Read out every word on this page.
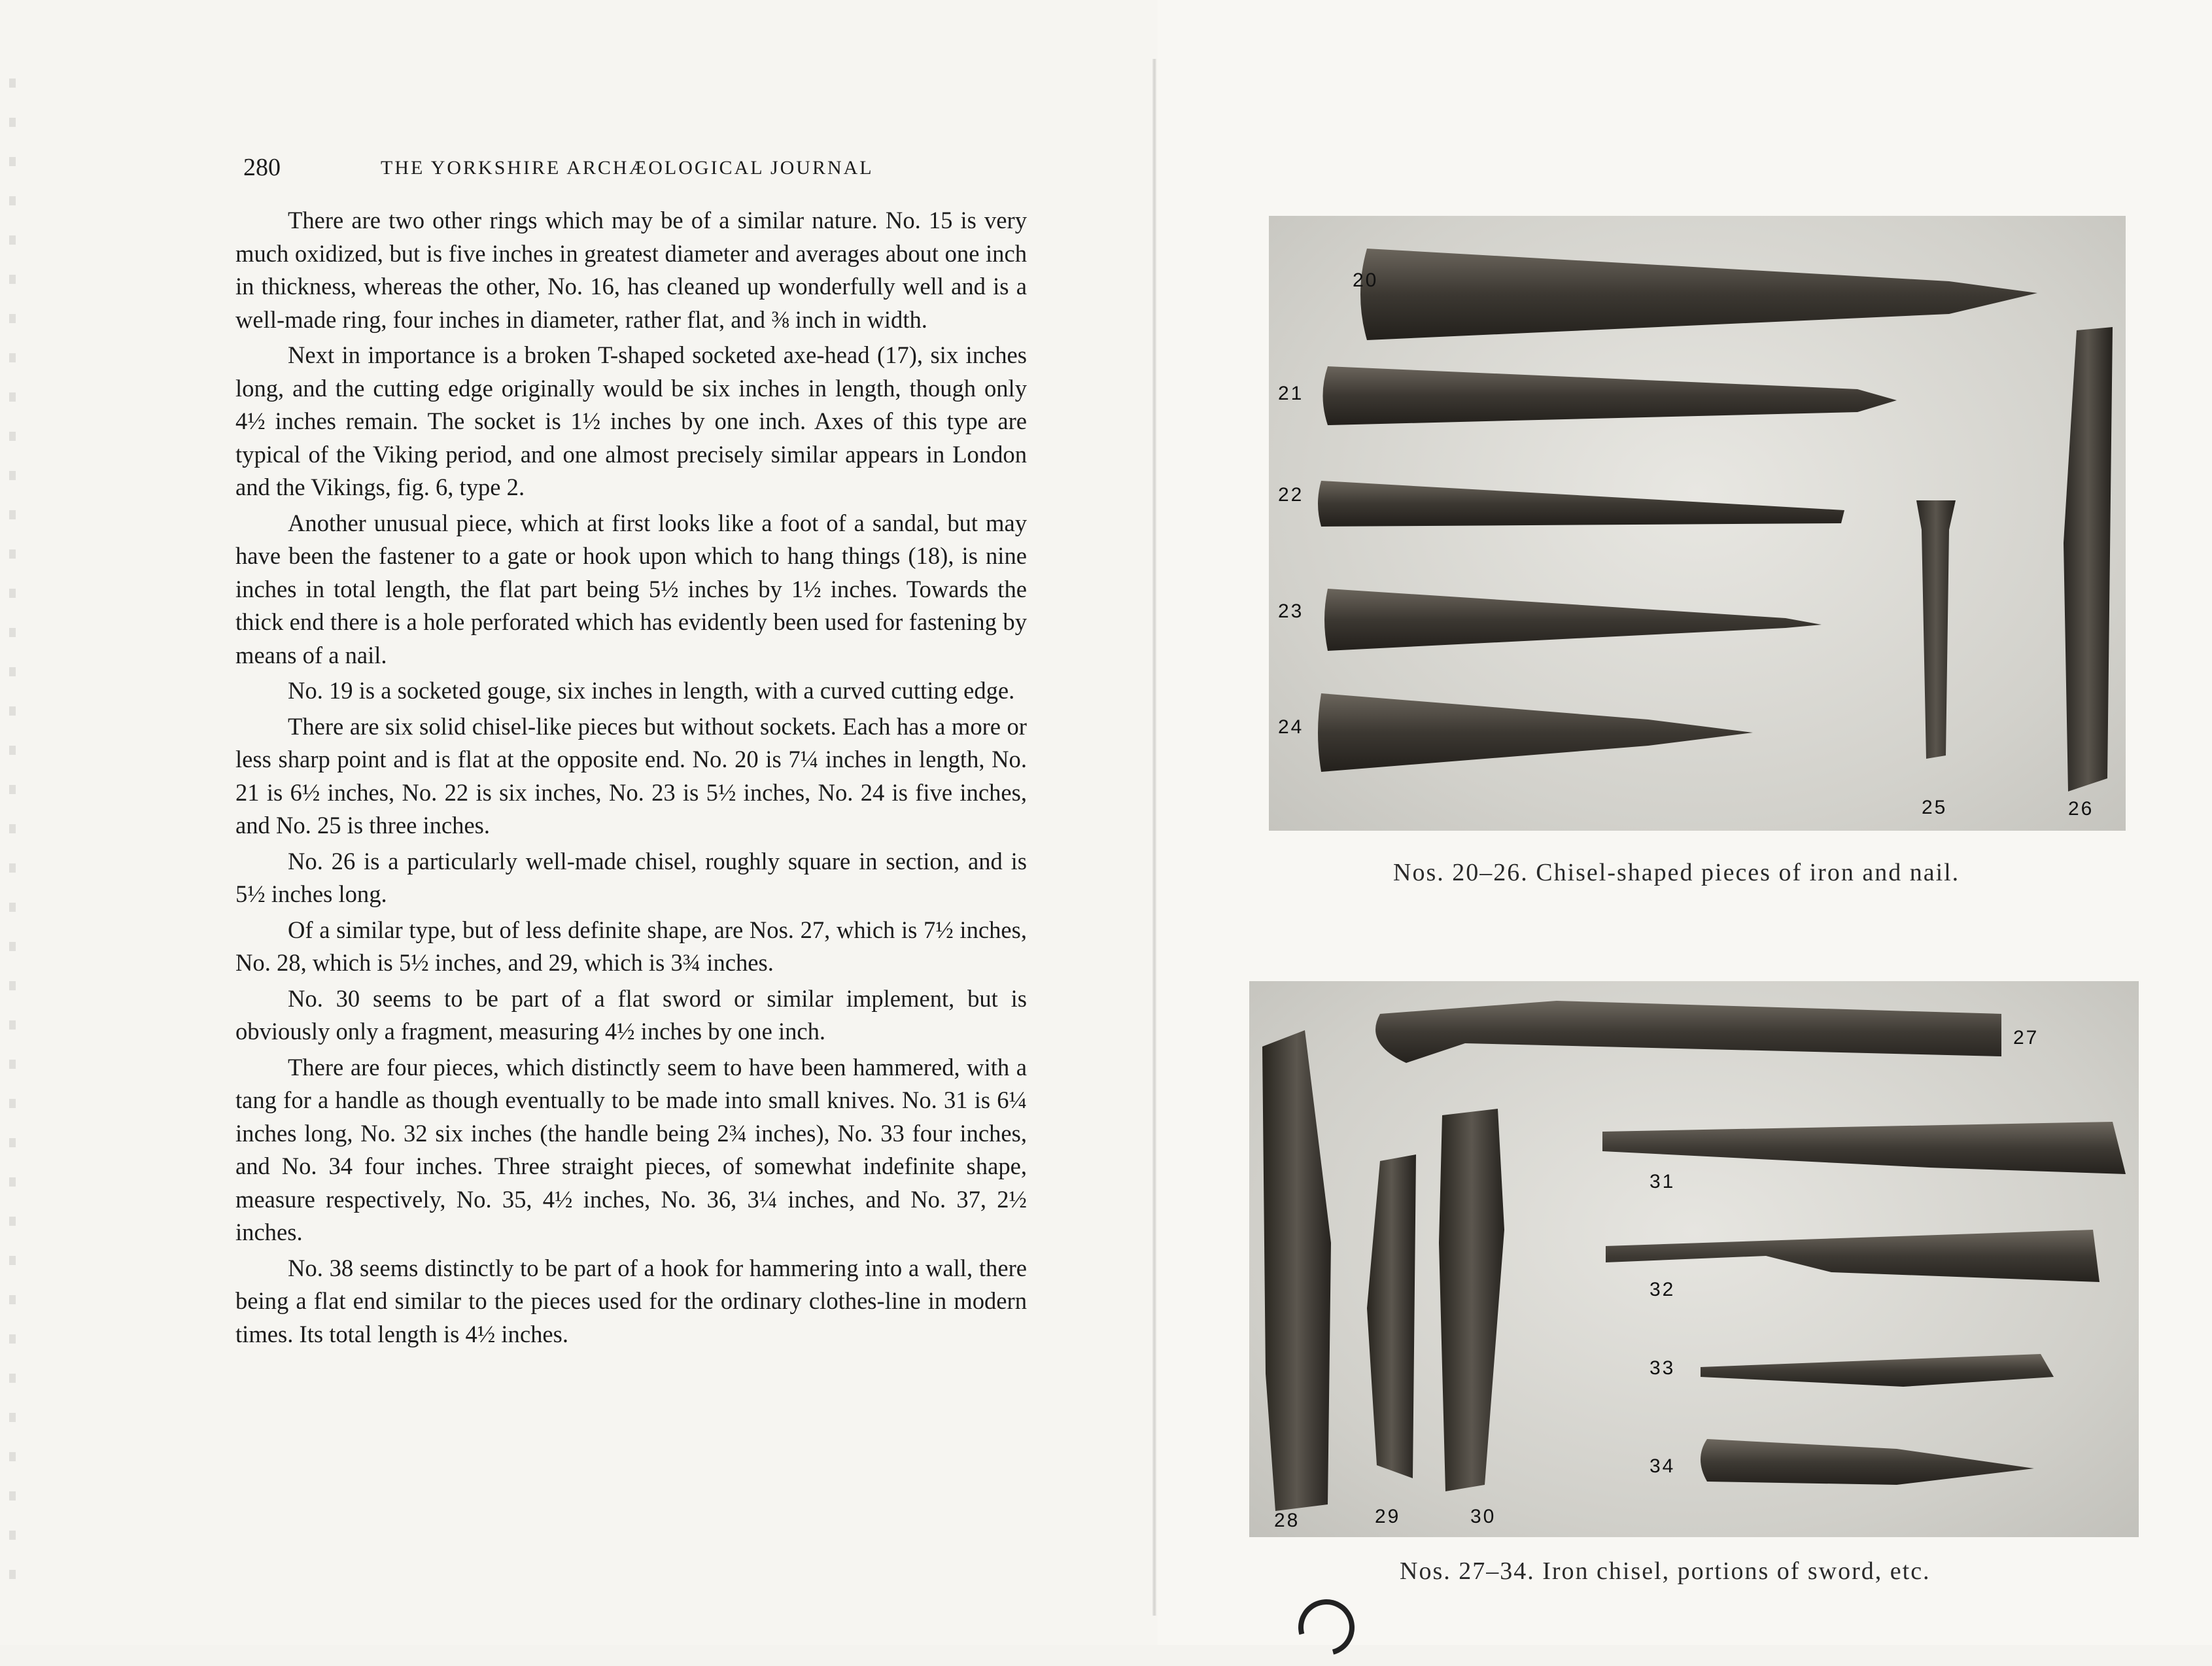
280	THE YORKSHIRE ARCHÆOLOGICAL JOURNAL

There are two other rings which may be of a similar nature. No. 15 is very much oxidized, but is five inches in greatest diameter and averages about one inch in thickness, whereas the other, No. 16, has cleaned up wonderfully well and is a well-made ring, four inches in diameter, rather flat, and ⅜ inch in width.

Next in importance is a broken T-shaped socketed axe-head (17), six inches long, and the cutting edge originally would be six inches in length, though only 4½ inches remain. The socket is 1½ inches by one inch. Axes of this type are typical of the Viking period, and one almost precisely similar appears in London and the Vikings, fig. 6, type 2.

Another unusual piece, which at first looks like a foot of a sandal, but may have been the fastener to a gate or hook upon which to hang things (18), is nine inches in total length, the flat part being 5½ inches by 1½ inches. Towards the thick end there is a hole perforated which has evidently been used for fastening by means of a nail.

No. 19 is a socketed gouge, six inches in length, with a curved cutting edge.

There are six solid chisel-like pieces but without sockets. Each has a more or less sharp point and is flat at the opposite end. No. 20 is 7¼ inches in length, No. 21 is 6½ inches, No. 22 is six inches, No. 23 is 5½ inches, No. 24 is five inches, and No. 25 is three inches.

No. 26 is a particularly well-made chisel, roughly square in section, and is 5½ inches long.

Of a similar type, but of less definite shape, are Nos. 27, which is 7½ inches, No. 28, which is 5½ inches, and 29, which is 3¾ inches.

No. 30 seems to be part of a flat sword or similar implement, but is obviously only a fragment, measuring 4½ inches by one inch.

There are four pieces, which distinctly seem to have been hammered, with a tang for a handle as though eventually to be made into small knives. No. 31 is 6¼ inches long, No. 32 six inches (the handle being 2¾ inches), No. 33 four inches, and No. 34 four inches. Three straight pieces, of somewhat indefinite shape, measure respectively, No. 35, 4½ inches, No. 36, 3¼ inches, and No. 37, 2½ inches.

No. 38 seems distinctly to be part of a hook for hammering into a wall, there being a flat end similar to the pieces used for the ordinary clothes-line in modern times. Its total length is 4½ inches.

20
21
22
23
24
25	26
Nos. 20–26. Chisel-shaped pieces of iron and nail.
27
28	29	30
31
32
33
34
Nos. 27–34. Iron chisel, portions of sword, etc.
